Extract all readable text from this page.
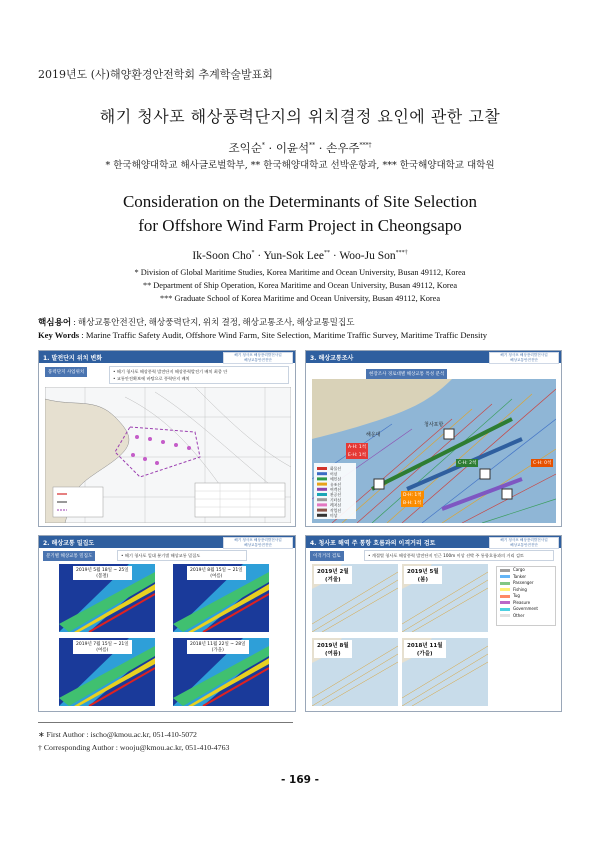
2019년도 (사)해양환경안전학회 추계학술발표회
해기 청사포 해상풍력단지의 위치결정 요인에 관한 고찰
조익순* · 이윤석** · 손우주***†
* 한국해양대학교 해사글로벌학부, ** 한국해양대학교 선박운항과, *** 한국해양대학교 대학원
Consideration on the Determinants of Site Selection
for Offshore Wind Farm Project in Cheongsapo
Ik-Soon Cho* · Yun-Sok Lee** · Woo-Ju Son***†
* Division of Global Maritime Studies, Korea Maritime and Ocean University, Busan 49112, Korea
** Department of Ship Operation, Korea Maritime and Ocean University, Busan 49112, Korea
*** Graduate School of Korea Maritime and Ocean University, Busan 49112, Korea
핵심용어 : 해상교통안전진단, 해상풍력단지, 위치 결정, 해상교통조사, 해상교통밀집도
Key Words : Marine Traffic Safety Audit, Offshore Wind Farm, Site Selection, Maritime Traffic Survey, Maritime Traffic Density
1. 발전단지 위치 변화	해기 청사포 해상풍력발전사업
해상교통안전진단
풍력단지 사업위치	• 해기 청사포 해상풍력 발전단지 해상풍력발전기 배치 최종 안
• 교통안전확보에 바탕으로 풍력단지 배치
3. 해상교통조사	해기 청사포 해상풍력발전사업
해상교통안전진단
현장조사 경로대별 해상교통 특성 분석
화물선
어선
예인선
유조선
여객선
관공선
기타선
레저선
작업선
미상
해운대
청사포항
A-H: 1척
E-H: 1척
C-H: 2척	C-H: 0척
D-H: 1척
B-H: 1척
2. 해상교통 밀집도	해기 청사포 해상풍력발전사업
해상교통안전진단
분기별 해상교통 밀집도	• 해기 청사포 일대 분기별 해상교통 밀집도
2019년 5월 18일 ~ 25일
(봄철)
2019년 8월 15일 ~ 21일
(여름)
2019년 7월 15일 ~ 21일
(여름)
2018년 11월 22일 ~ 28일
(가을)
4. 청사포 해역 주 통항 흐름과의 이격거리 검토	해기 청사포 해상풍력발전사업
해상교통안전진단
이격거리 검토	• 계절별 청사포 해상풍력 발전단지 인근 100m 이상 선박 주 통항흐름과의 거리 검토
2019년 2월
(겨울)
2019년 5월
(봄)
2019년 8월
(여름)
2018년 11월
(가을)
Cargo
Tanker
Passenger
Fishing
Tug
Pleasure
Government
Other
∗ First Author : ischo@kmou.ac.kr, 051-410-5072
† Corresponding Author : wooju@kmou.ac.kr, 051-410-4763
- 169 -
